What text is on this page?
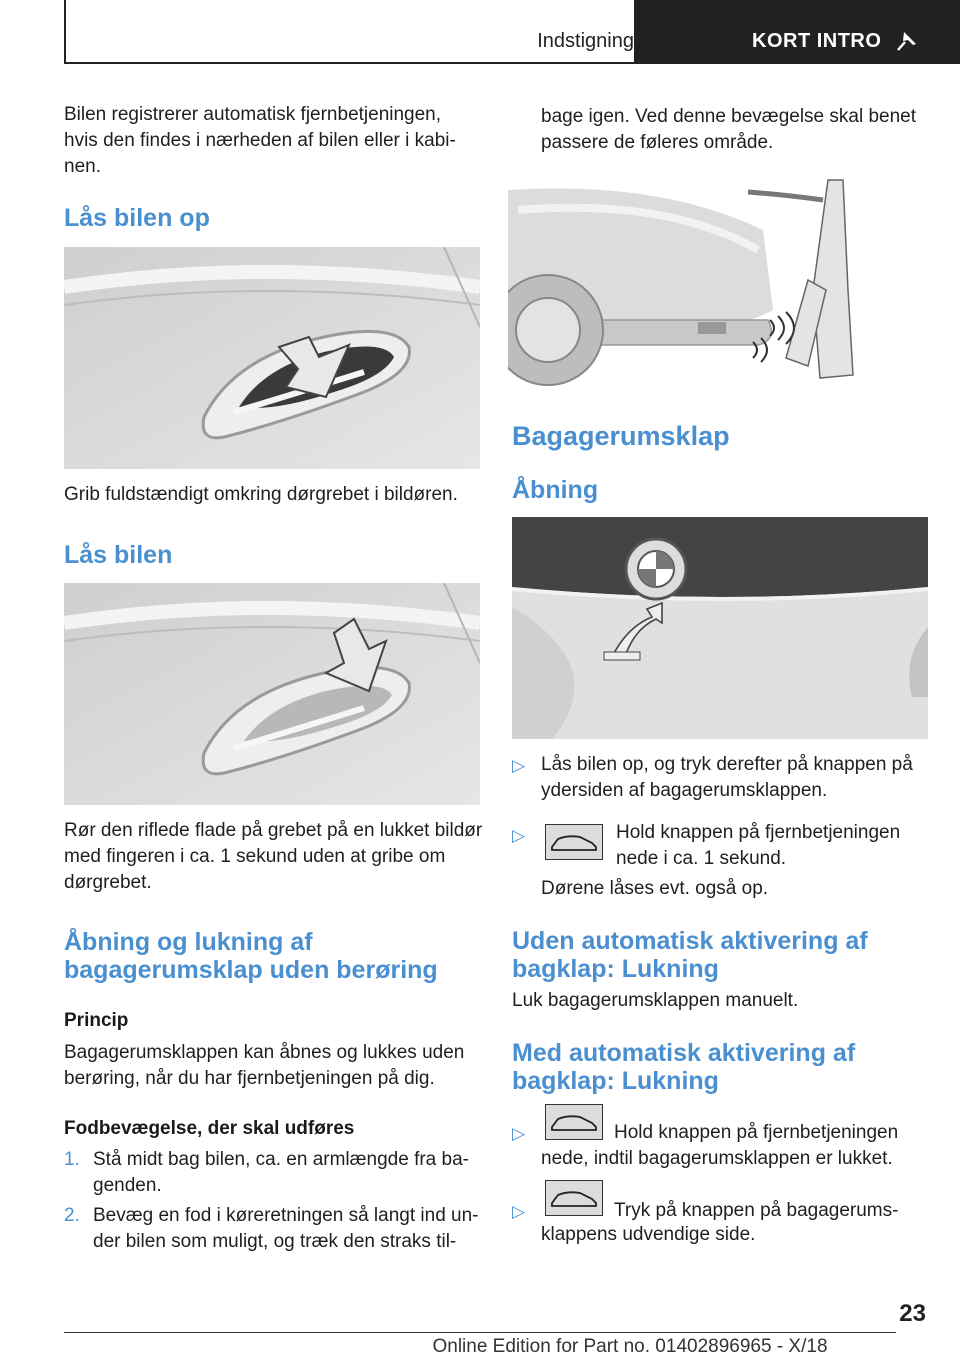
Indstigning	KORT INTRO
Bilen registrerer automatisk fjernbetjeningen,
hvis den findes i nærheden af bilen eller i kabi-
nen.
Lås bilen op
Grib fuldstændigt omkring dørgrebet i bildøren.
Lås bilen
Rør den riflede flade på grebet på en lukket bildør
med fingeren i ca. 1 sekund uden at gribe om
dørgrebet.
Åbning og lukning af
bagagerumsklap uden berøring
Princip
Bagagerumsklappen kan åbnes og lukkes uden
berøring, når du har fjernbetjeningen på dig.
Fodbevægelse, der skal udføres
1. Stå midt bag bilen, ca. en armlængde fra ba-
genden.
2. Bevæg en fod i køreretningen så langt ind un-
der bilen som muligt, og træk den straks til-
bage igen. Ved denne bevægelse skal benet
passere de føleres område.
Bagagerumsklap
Åbning
▷ Lås bilen op, og tryk derefter på knappen på
ydersiden af bagagerumsklappen.
▷	Hold knappen på fjernbetjeningen
nede i ca. 1 sekund.
Dørene låses evt. også op.
Uden automatisk aktivering af
bagklap: Lukning
Luk bagagerumsklappen manuelt.
Med automatisk aktivering af
bagklap: Lukning
▷	Hold knappen på fjernbetjeningen
nede, indtil bagagerumsklappen er lukket.
▷	Tryk på knappen på bagagerums-
klappens udvendige side.
23
Online Edition for Part no. 01402896965 - X/18
